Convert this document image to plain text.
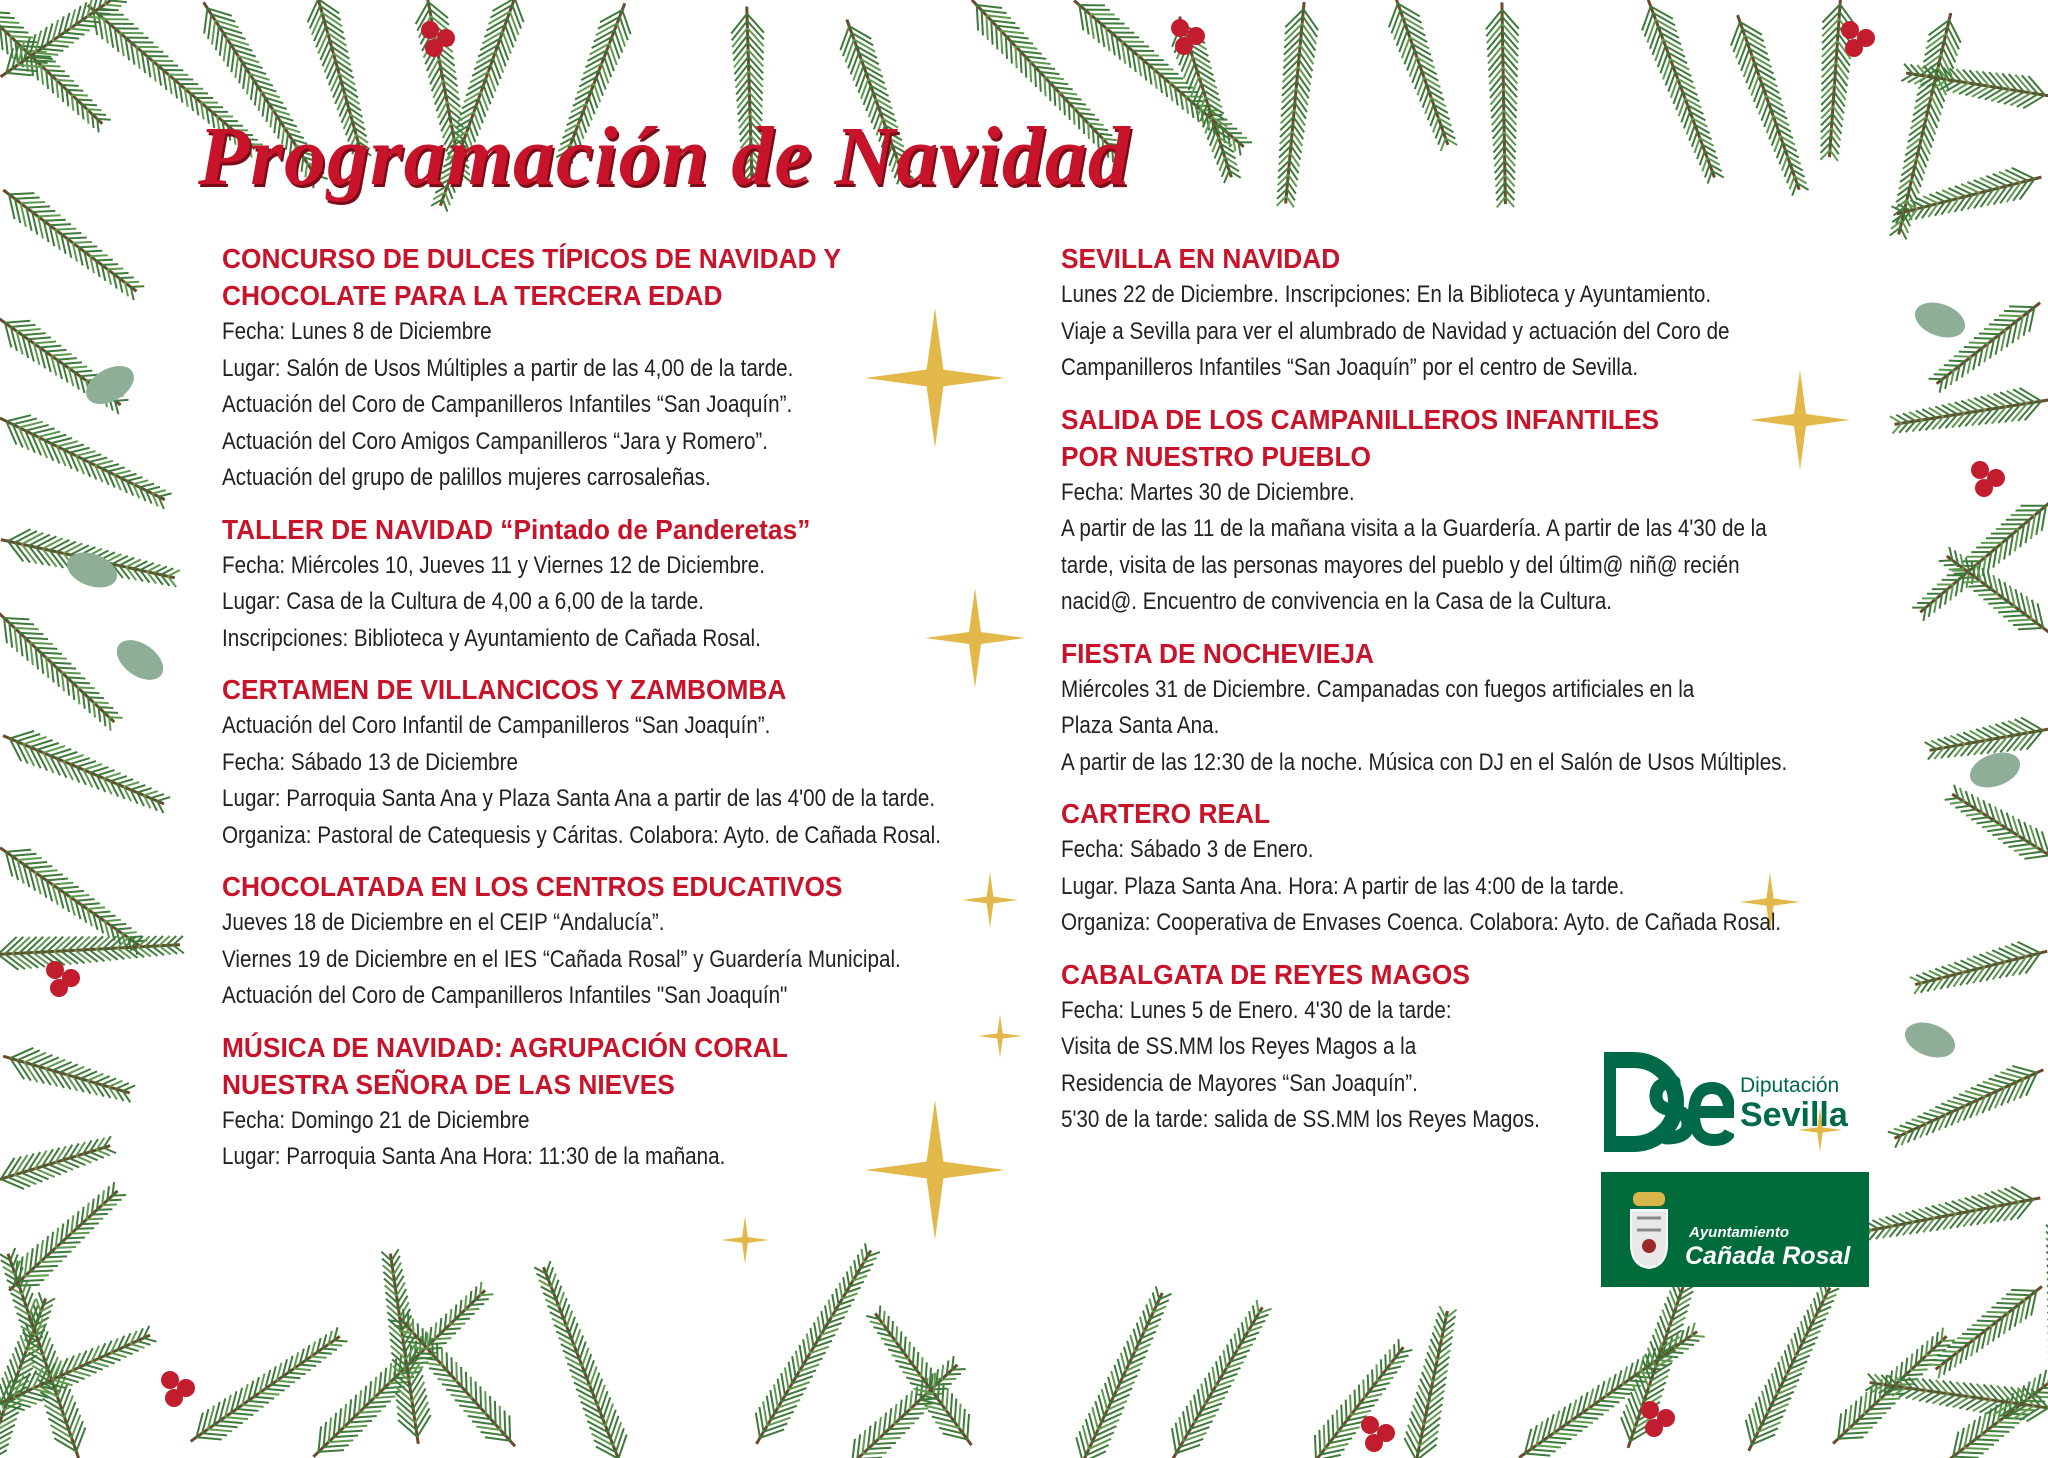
Programación de Navidad
CONCURSO DE DULCES TÍPICOS DE NAVIDAD Y
CHOCOLATE PARA LA TERCERA EDAD

Fecha: Lunes 8 de Diciembre

Lugar: Salón de Usos Múltiples a partir de las 4,00 de la tarde.

Actuación del Coro de Campanilleros Infantiles “San Joaquín”.

Actuación del Coro Amigos Campanilleros “Jara y Romero”.

Actuación del grupo de palillos mujeres carrosaleñas.

TALLER DE NAVIDAD “Pintado de Panderetas”

Fecha: Miércoles 10, Jueves 11 y Viernes 12 de Diciembre.

Lugar: Casa de la Cultura de 4,00 a 6,00 de la tarde.

Inscripciones: Biblioteca y Ayuntamiento de Cañada Rosal.

CERTAMEN DE VILLANCICOS Y ZAMBOMBA

Actuación del Coro Infantil de Campanilleros “San Joaquín”.

Fecha: Sábado 13 de Diciembre

Lugar: Parroquia Santa Ana y Plaza Santa Ana a partir de las 4'00 de la tarde.

Organiza: Pastoral de Catequesis y Cáritas. Colabora: Ayto. de Cañada Rosal.

CHOCOLATADA EN LOS CENTROS EDUCATIVOS

Jueves 18 de Diciembre en el CEIP “Andalucía”.

Viernes 19 de Diciembre en el IES “Cañada Rosal” y Guardería Municipal.

Actuación del Coro de Campanilleros Infantiles "San Joaquín"

MÚSICA DE NAVIDAD: AGRUPACIÓN CORAL
NUESTRA SEÑORA DE LAS NIEVES

Fecha: Domingo 21 de Diciembre

Lugar: Parroquia Santa Ana Hora: 11:30 de la mañana.

SEVILLA EN NAVIDAD

Lunes 22 de Diciembre. Inscripciones: En la Biblioteca y Ayuntamiento.

Viaje a Sevilla para ver el alumbrado de Navidad y actuación del Coro de

Campanilleros Infantiles “San Joaquín” por el centro de Sevilla.

SALIDA DE LOS CAMPANILLEROS INFANTILES
POR NUESTRO PUEBLO

Fecha: Martes 30 de Diciembre.

A partir de las 11 de la mañana visita a la Guardería. A partir de las 4'30 de la

tarde, visita de las personas mayores del pueblo y del últim@ niñ@ recién

nacid@. Encuentro de convivencia en la Casa de la Cultura.

FIESTA DE NOCHEVIEJA

Miércoles 31 de Diciembre. Campanadas con fuegos artificiales en la

Plaza Santa Ana.

A partir de las 12:30 de la noche. Música con DJ en el Salón de Usos Múltiples.

CARTERO REAL

Fecha: Sábado 3 de Enero.

Lugar. Plaza Santa Ana. Hora: A partir de las 4:00 de la tarde.

Organiza: Cooperativa de Envases Coenca. Colabora: Ayto. de Cañada Rosal.

CABALGATA DE REYES MAGOS

Fecha: Lunes 5 de Enero. 4'30 de la tarde:

Visita de SS.MM los Reyes Magos a la

Residencia de Mayores “San Joaquín”.

5'30 de la tarde: salida de SS.MM los Reyes Magos.

Diputación
Sevilla
Ayuntamiento
Cañada Rosal
